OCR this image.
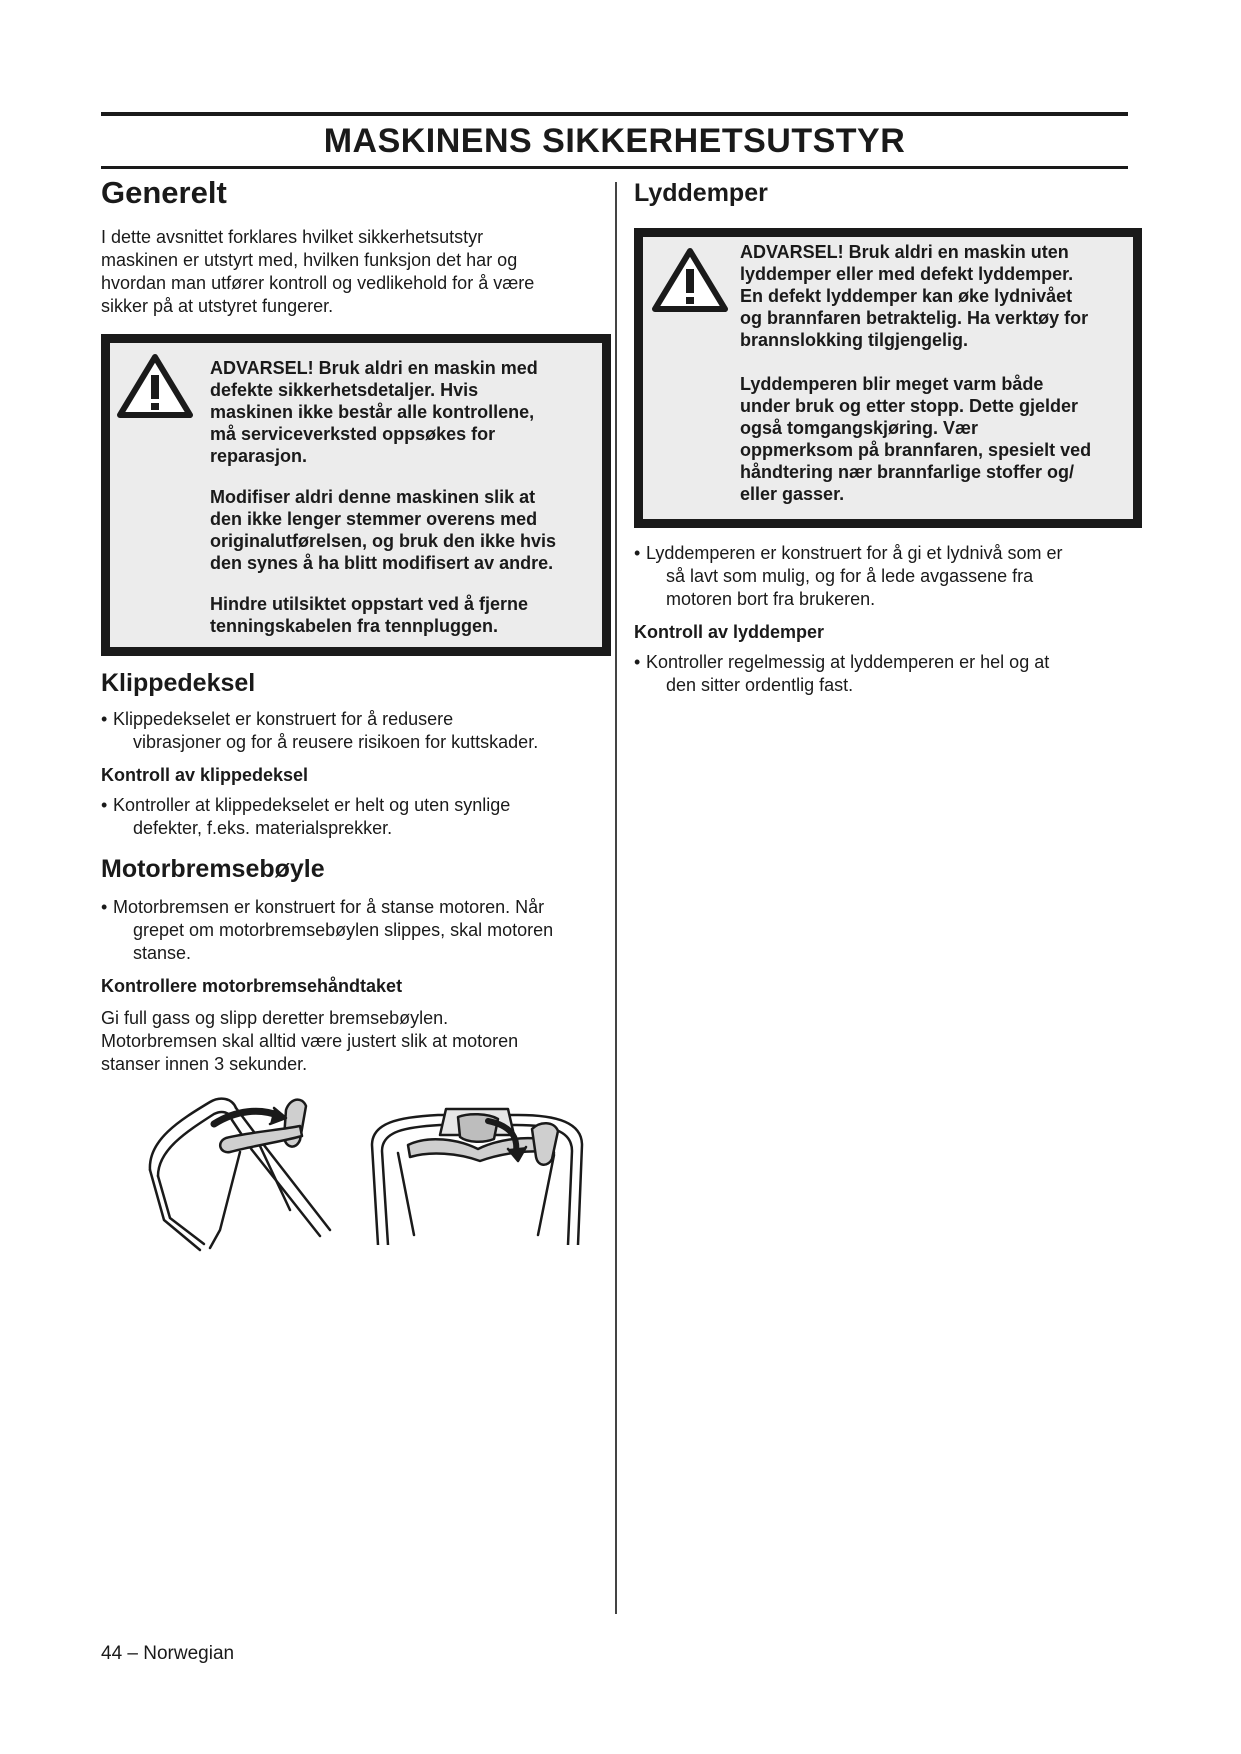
MASKINENS SIKKERHETSUTSTYR
Generelt

I dette avsnittet forklares hvilket sikkerhetsutstyr

maskinen er utstyrt med, hvilken funksjon det har og

hvordan man utfører kontroll og vedlikehold for å være

sikker på at utstyret fungerer.

ADVARSEL! Bruk aldri en maskin med

defekte sikkerhetsdetaljer. Hvis

maskinen ikke består alle kontrollene,

må serviceverksted oppsøkes for

reparasjon.

Modifiser aldri denne maskinen slik at

den ikke lenger stemmer overens med

originalutførelsen, og bruk den ikke hvis

den synes å ha blitt modifisert av andre.

Hindre utilsiktet oppstart ved å fjerne

tenningskabelen fra tennpluggen.

Klippedeksel
• Klippedekselet er konstruert for å redusere
vibrasjoner og for å reusere risikoen for kuttskader.
Kontroll av klippedeksel
• Kontroller at klippedekselet er helt og uten synlige
defekter, f.eks. materialsprekker.
Motorbremsebøyle
• Motorbremsen er konstruert for å stanse motoren. Når
grepet om motorbremsebøylen slippes, skal motoren
stanse.
Kontrollere motorbremsehåndtaket

Gi full gass og slipp deretter bremsebøylen.

Motorbremsen skal alltid være justert slik at motoren

stanser innen 3 sekunder.

Lyddemper

ADVARSEL! Bruk aldri en maskin uten

lyddemper eller med defekt lyddemper.

En defekt lyddemper kan øke lydnivået

og brannfaren betraktelig. Ha verktøy for

brannslokking tilgjengelig.

Lyddemperen blir meget varm både

under bruk og etter stopp. Dette gjelder

også tomgangskjøring. Vær

oppmerksom på brannfaren, spesielt ved

håndtering nær brannfarlige stoffer og/

eller gasser.

• Lyddemperen er konstruert for å gi et lydnivå som er
så lavt som mulig, og for å lede avgassene fra
motoren bort fra brukeren.
Kontroll av lyddemper
• Kontroller regelmessig at lyddemperen er hel og at
den sitter ordentlig fast.
44 – Norwegian
